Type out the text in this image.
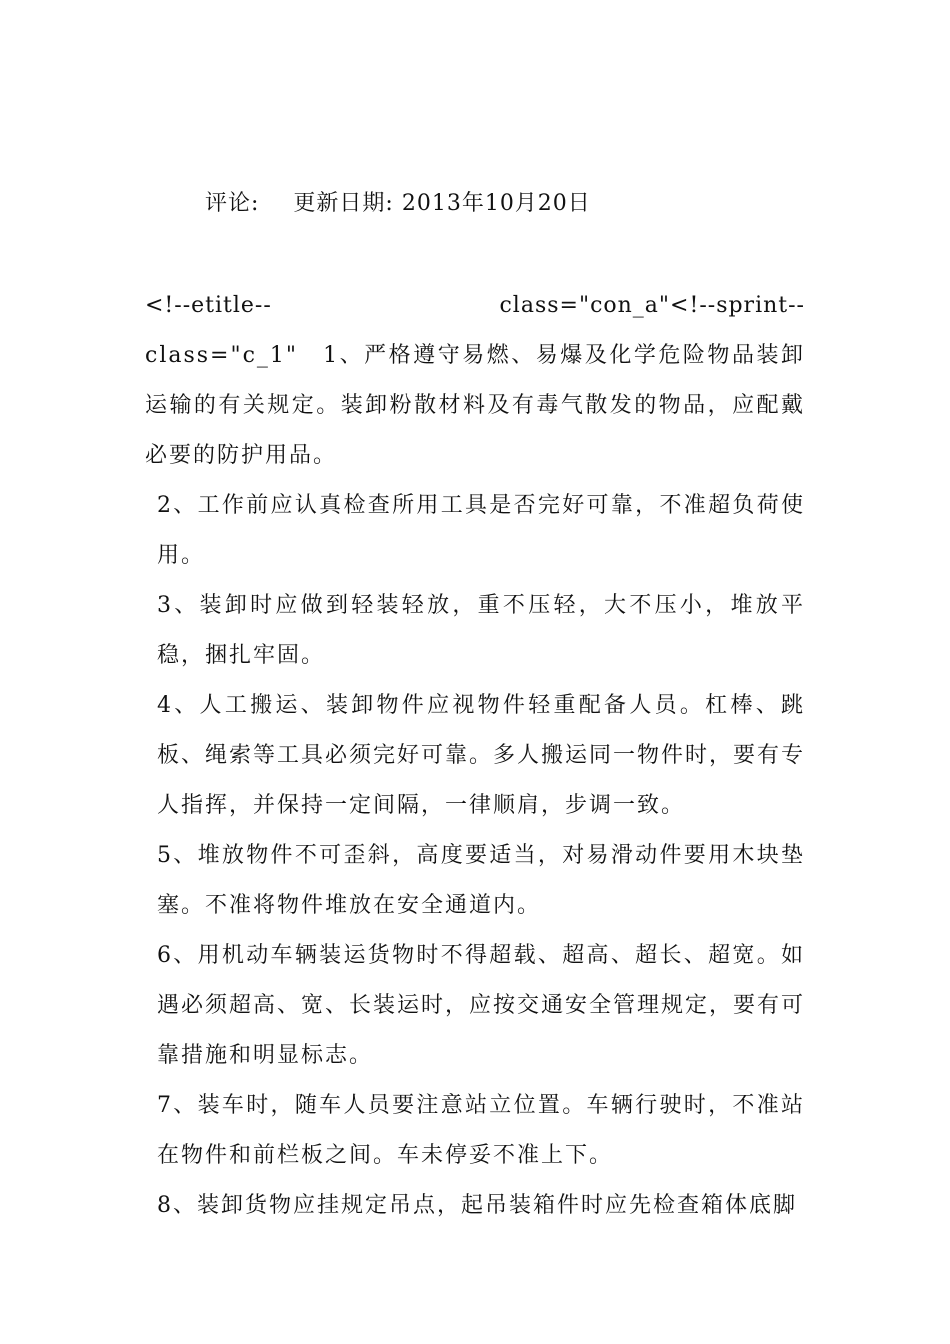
评论: 更新日期: 2013年10月20日
<!--etitle--	class="con_a"<!--sprint--

class="c_1"　1、严格遵守易燃、易爆及化学危险物品装卸运输的有关规定。装卸粉散材料及有毒气散发的物品，应配戴必要的防护用品。

2、工作前应认真检查所用工具是否完好可靠，不准超负荷使用。

3、装卸时应做到轻装轻放，重不压轻，大不压小，堆放平稳，捆扎牢固。

4、人工搬运、装卸物件应视物件轻重配备人员。杠棒、跳板、绳索等工具必须完好可靠。多人搬运同一物件时，要有专人指挥，并保持一定间隔，一律顺肩，步调一致。

5、堆放物件不可歪斜，高度要适当，对易滑动件要用木块垫塞。不准将物件堆放在安全通道内。

6、用机动车辆装运货物时不得超载、超高、超长、超宽。如遇必须超高、宽、长装运时，应按交通安全管理规定，要有可靠措施和明显标志。

7、装车时，随车人员要注意站立位置。车辆行驶时，不准站在物件和前栏板之间。车未停妥不准上下。

8、装卸货物应挂规定吊点，起吊装箱件时应先检查箱体底脚
